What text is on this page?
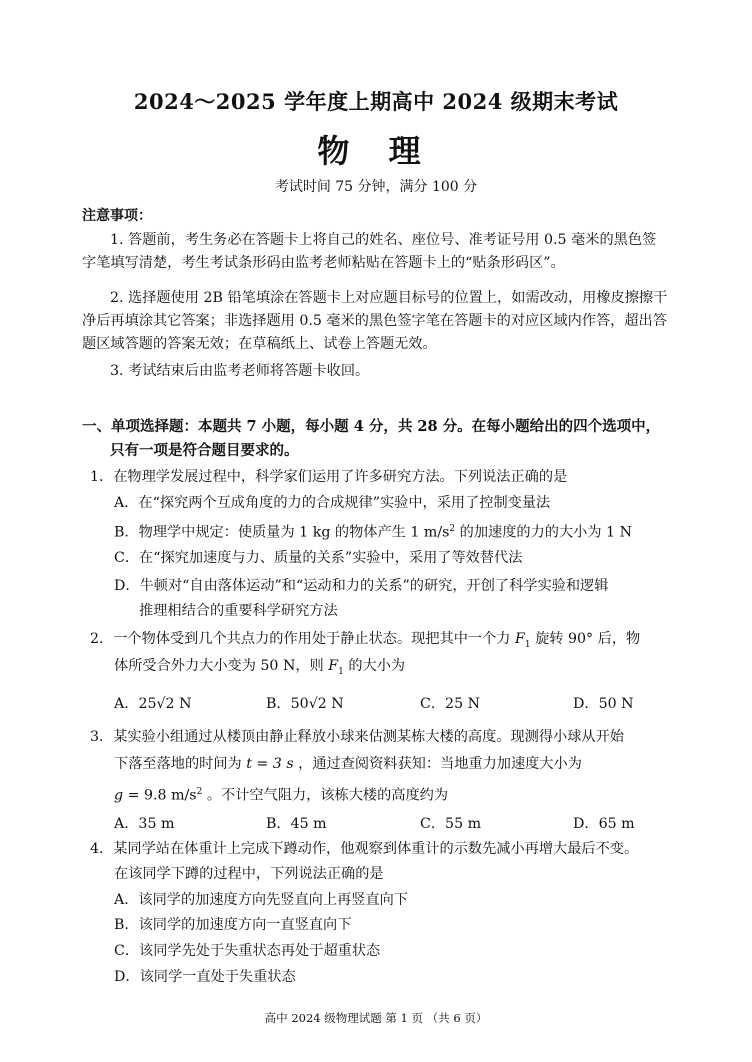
2024～2025 学年度上期高中 2024 级期末考试
物 理
考试时间 75 分钟，满分 100 分
注意事项：
1. 答题前，考生务必在答题卡上将自己的姓名、座位号、准考证号用 0.5 毫米的黑色签字笔填写清楚，考生考试条形码由监考老师粘贴在答题卡上的“贴条形码区”。
2. 选择题使用 2B 铅笔填涂在答题卡上对应题目标号的位置上，如需改动，用橡皮擦擦干净后再填涂其它答案；非选择题用 0.5 毫米的黑色签字笔在答题卡的对应区域内作答，超出答题区域答题的答案无效；在草稿纸上、试卷上答题无效。
3. 考试结束后由监考老师将答题卡收回。
一、单项选择题：本题共 7 小题，每小题 4 分，共 28 分。在每小题给出的四个选项中，
只有一项是符合题目要求的。
1．在物理学发展过程中，科学家们运用了许多研究方法。下列说法正确的是
A．在“探究两个互成角度的力的合成规律”实验中，采用了控制变量法
B．物理学中规定：使质量为 1 kg 的物体产生 1 $m/s^2$ 的加速度的力的大小为 1 N
C．在“探究加速度与力、质量的关系”实验中，采用了等效替代法
D．牛顿对“自由落体运动”和“运动和力的关系”的研究，开创了科学实验和逻辑
推理相结合的重要科学研究方法
2．一个物体受到几个共点力的作用处于静止状态。现把其中一个力 $F_1$ 旋转 90° 后，物
体所受合外力大小变为 50 N，则 $F_1$ 的大小为
A．25√2 N	B．50√2 N	C．25 N	D．50 N
3．某实验小组通过从楼顶由静止释放小球来估测某栋大楼的高度。现测得小球从开始
下落至落地的时间为 t = 3 s ，通过查阅资料获知：当地重力加速度大小为
g = 9.8 $m/s^2$ 。不计空气阻力，该栋大楼的高度约为
A．35 m	B．45 m	C．55 m	D．65 m
4．某同学站在体重计上完成下蹲动作，他观察到体重计的示数先减小再增大最后不变。
在该同学下蹲的过程中，下列说法正确的是
A．该同学的加速度方向先竖直向上再竖直向下
B．该同学的加速度方向一直竖直向下
C．该同学先处于失重状态再处于超重状态
D．该同学一直处于失重状态
高中 2024 级物理试题 第 1 页 （共 6 页）
